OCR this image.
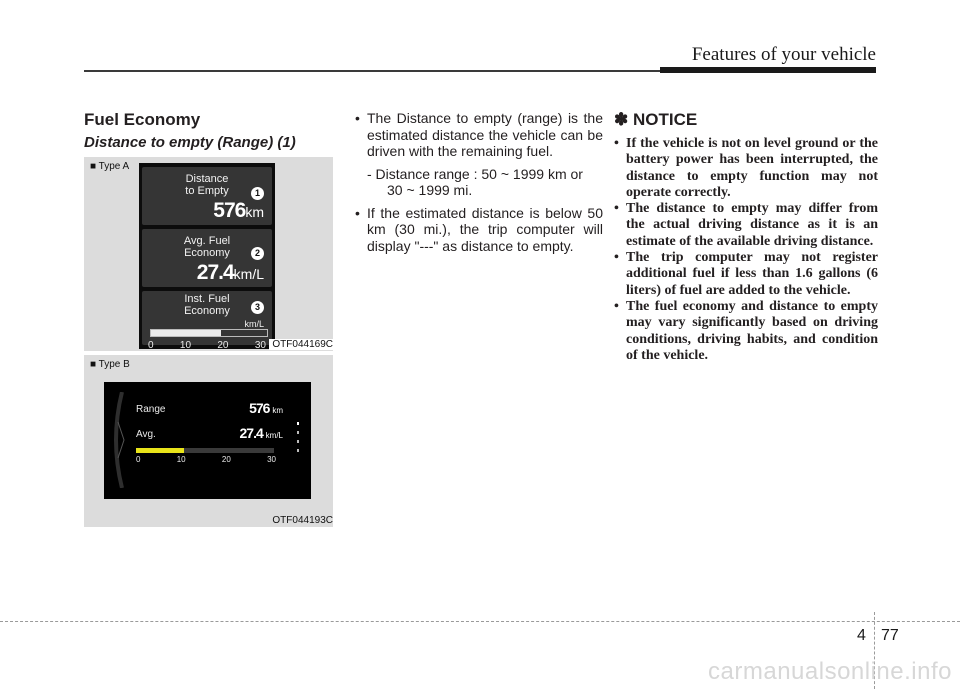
Features of your vehicle

Fuel Economy

Distance to empty (Range) (1)

■ Type A
Distance
to Empty	1
576km
Avg. Fuel
Economy	2
27.4km/L
Inst. Fuel
Economy	3
km/L
0	10	20	30 OTF044169C
■ Type B
Range	576 km
Avg.	27.4 km/L
0	10	20	30
OTF044193C
• The Distance to empty (range) is the estimated distance the vehicle can be driven with the remaining fuel.
- Distance range : 50 ~ 1999 km or
30 ~ 1999 mi.
• If the estimated distance is below 50 km (30 mi.), the trip computer will display "---" as distance to empty.

✽ NOTICE

• If the vehicle is not on level ground or the battery power has been interrupted, the distance to empty function may not operate correctly.
• The distance to empty may differ from the actual driving distance as it is an estimate of the available driving distance.
• The trip computer may not register additional fuel if less than 1.6 gallons (6 liters) of fuel are added to the vehicle.
• The fuel economy and distance to empty may vary significantly based on driving conditions, driving habits, and condition of the vehicle.
4 77
carmanualsonline.info
